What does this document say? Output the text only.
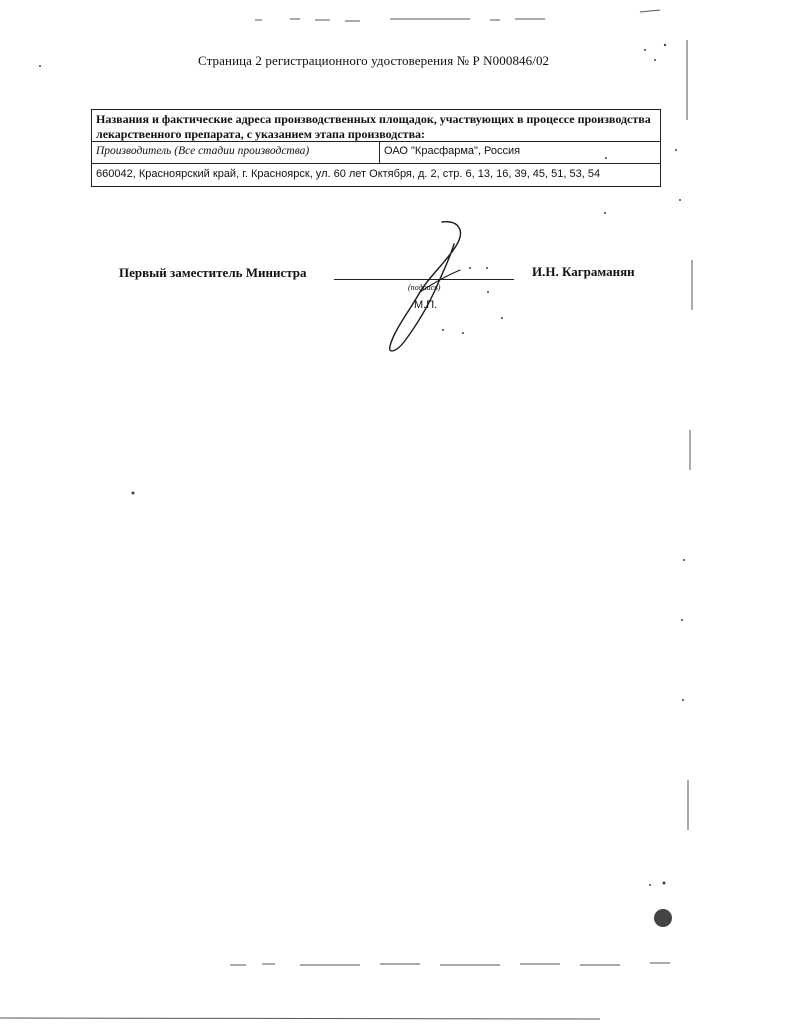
Страница 2 регистрационного удостоверения № Р N000846/02
Названия и фактические адреса производственных площадок, участвующих в процессе производства лекарственного препарата, с указанием этапа производства:
Производитель (Все стадии производства)	ОАО "Красфарма", Россия
660042, Красноярский край, г. Красноярск, ул. 60 лет Октября, д. 2, стр. 6, 13, 16, 39, 45, 51, 53, 54
Первый заместитель Министра
(подпись)
М.П.
И.Н. Каграманян
